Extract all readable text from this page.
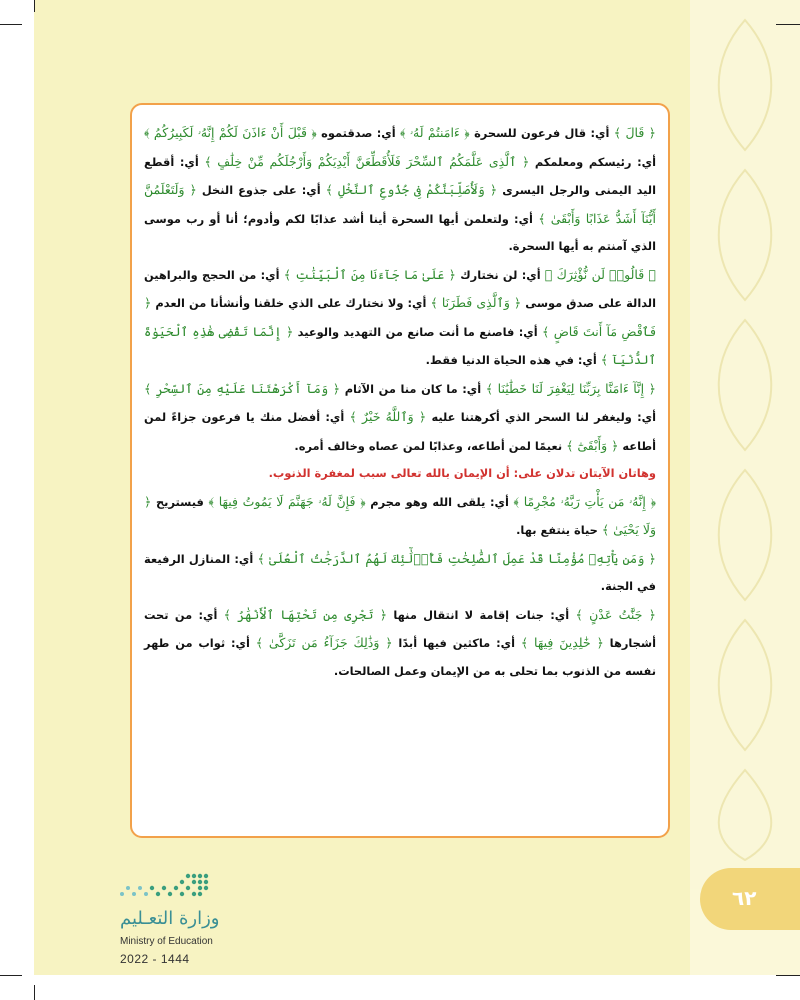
﴿ قَالَ ﴾ أي: قال فرعون للسحرة ﴿ ءَامَنتُمْ لَهُۥ ﴾ أي: صدقتموه ﴿ قَبْلَ أَنْ ءَاذَنَ لَكُمْ إِنَّهُۥ لَكَبِيرُكُمُ ﴾ أي: رئيسكم ومعلمكم ﴿ ٱلَّذِى عَلَّمَكُمُ ٱلسِّحْرَ فَلَأُقَطِّعَنَّ أَيْدِيَكُمْ وَأَرْجُلَكُم مِّنْ خِلَٰفٍ ﴾ أي: أقطع اليد اليمنى والرجل اليسرى ﴿ وَلَأُصَلِّبَنَّكُمْ فِى جُذُوعِ ٱلنَّخْلِ ﴾ أي: على جذوع النخل ﴿ وَلَتَعْلَمُنَّ أَيُّنَآ أَشَدُّ عَذَابًا وَأَبْقَىٰ ﴾ أي: ولتعلمن أيها السحرة أينا أشد عذابًا لكم وأدوم؛ أنا أو رب موسى الذي آمنتم به أيها السحرة.

﴿ قَالُوا۟ لَن نُّؤْثِرَكَ ﴾ أي: لن نختارك ﴿ عَلَىٰ مَا جَآءَنَا مِنَ ٱلْبَيِّنَٰتِ ﴾ أي: من الحجج والبراهين الدالة على صدق موسى ﴿ وَٱلَّذِى فَطَرَنَا ﴾ أي: ولا نختارك على الذي خلقنا وأنشأنا من العدم ﴿ فَٱقْضِ مَآ أَنتَ قَاضٍ ﴾ أي: فاصنع ما أنت صانع من التهديد والوعيد ﴿ إِنَّمَا تَقْضِى هَٰذِهِ ٱلْحَيَوٰةَ ٱلدُّنْيَآ ﴾ أي: في هذه الحياة الدنيا فقط.

﴿ إِنَّآ ءَامَنَّا بِرَبِّنَا لِيَغْفِرَ لَنَا خَطَٰيَٰنَا ﴾ أي: ما كان منا من الآثام ﴿ وَمَآ أَكْرَهْتَنَا عَلَيْهِ مِنَ ٱلسِّحْرِ ﴾ أي: وليغفر لنا السحر الذي أكرهتنا عليه ﴿ وَٱللَّهُ خَيْرٌ ﴾ أي: أفضل منك يا فرعون جزاءً لمن أطاعه ﴿ وَأَبْقَىٰٓ ﴾ نعيمًا لمن أطاعه، وعذابًا لمن عصاه وخالف أمره.

وهاتان الآيتان تدلان على: أن الإيمان بالله تعالى سبب لمغفرة الذنوب.

﴿ إِنَّهُۥ مَن يَأْتِ رَبَّهُۥ مُجْرِمًا ﴾ أي: يلقى الله وهو مجرم ﴿ فَإِنَّ لَهُۥ جَهَنَّمَ لَا يَمُوتُ فِيهَا ﴾ فيستريح ﴿ وَلَا يَحْيَىٰ ﴾ حياة ينتفع بها.

﴿ وَمَن يَأْتِهِۦ مُؤْمِنًا قَدْ عَمِلَ ٱلصَّٰلِحَٰتِ فَأُو۟لَٰٓئِكَ لَهُمُ ٱلدَّرَجَٰتُ ٱلْعُلَىٰ ﴾ أي: المنازل الرفيعة في الجنة.

﴿ جَنَّٰتُ عَدْنٍ ﴾ أي: جنات إقامة لا انتقال منها ﴿ تَجْرِى مِن تَحْتِهَا ٱلْأَنْهَٰرُ ﴾ أي: من تحت أشجارها ﴿ خَٰلِدِينَ فِيهَا ﴾ أي: ماكثين فيها أبدًا ﴿ وَذَٰلِكَ جَزَآءُ مَن تَزَكَّىٰ ﴾ أي: ثواب من طهر نفسه من الذنوب بما تحلى به من الإيمان وعمل الصالحات.

وزارة التعـليم
Ministry of Education
2022 - 1444
٦٢
